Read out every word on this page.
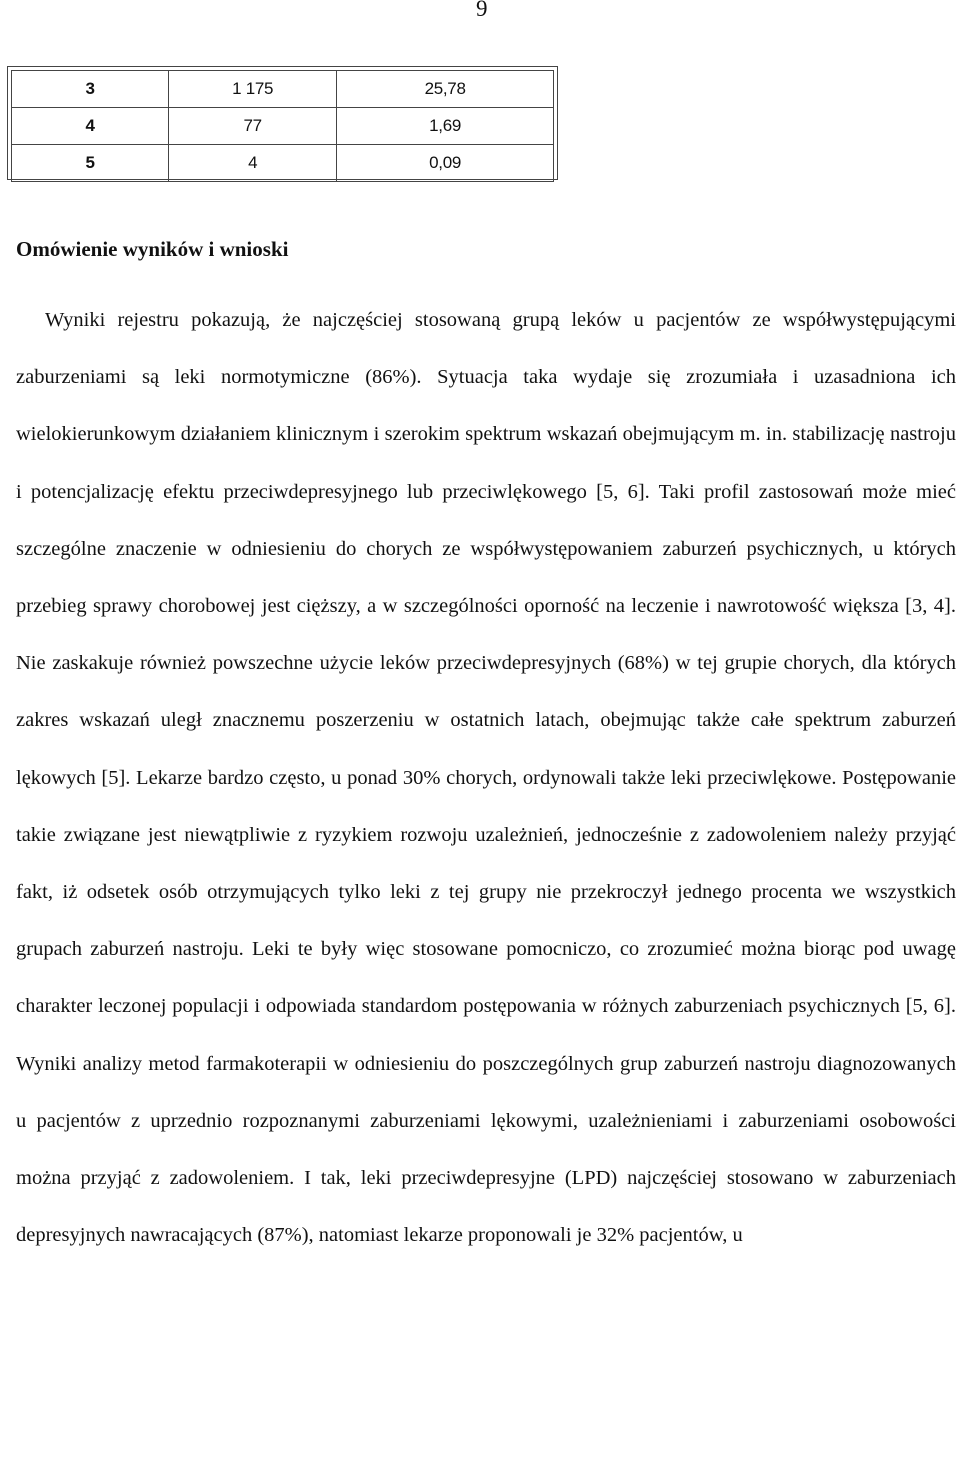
9
3	1 175	25,78
4	77	1,69
5	4	0,09
Omówienie wyników i wnioski

Wyniki rejestru pokazują, że najczęściej stosowaną grupą leków u pacjentów ze współwystępującymi zaburzeniami są leki normotymiczne (86%). Sytuacja taka wydaje się zrozumiała i uzasadniona ich wielokierunkowym działaniem klinicznym i szerokim spektrum wskazań obejmującym m. in. stabilizację nastroju i potencjalizację efektu przeciwdepresyjnego lub przeciwlękowego [5, 6]. Taki profil zastosowań może mieć szczególne znaczenie w odniesieniu do chorych ze współwystępowaniem zaburzeń psychicznych, u których przebieg sprawy chorobowej jest cięższy, a w szczególności oporność na leczenie i nawrotowość większa [3, 4]. Nie zaskakuje również powszechne użycie leków przeciwdepresyjnych (68%) w tej grupie chorych, dla których zakres wskazań uległ znacznemu poszerzeniu w ostatnich latach, obejmując także całe spektrum zaburzeń lękowych [5]. Lekarze bardzo często, u ponad 30% chorych, ordynowali także leki przeciwlękowe. Postępowanie takie związane jest niewątpliwie z ryzykiem rozwoju uzależnień, jednocześnie z zadowoleniem należy przyjąć fakt, iż odsetek osób otrzymujących tylko leki z tej grupy nie przekroczył jednego procenta we wszystkich grupach zaburzeń nastroju. Leki te były więc stosowane pomocniczo, co zrozumieć można biorąc pod uwagę charakter leczonej populacji i odpowiada standardom postępowania w różnych zaburzeniach psychicznych [5, 6]. Wyniki analizy metod farmakoterapii w odniesieniu do poszczególnych grup zaburzeń nastroju diagnozowanych u pacjentów z uprzednio rozpoznanymi zaburzeniami lękowymi, uzależnieniami i zaburzeniami osobowości można przyjąć z zadowoleniem. I tak, leki przeciwdepresyjne (LPD) najczęściej stosowano w zaburzeniach depresyjnych nawracających (87%), natomiast lekarze proponowali je 32% pacjentów, u
